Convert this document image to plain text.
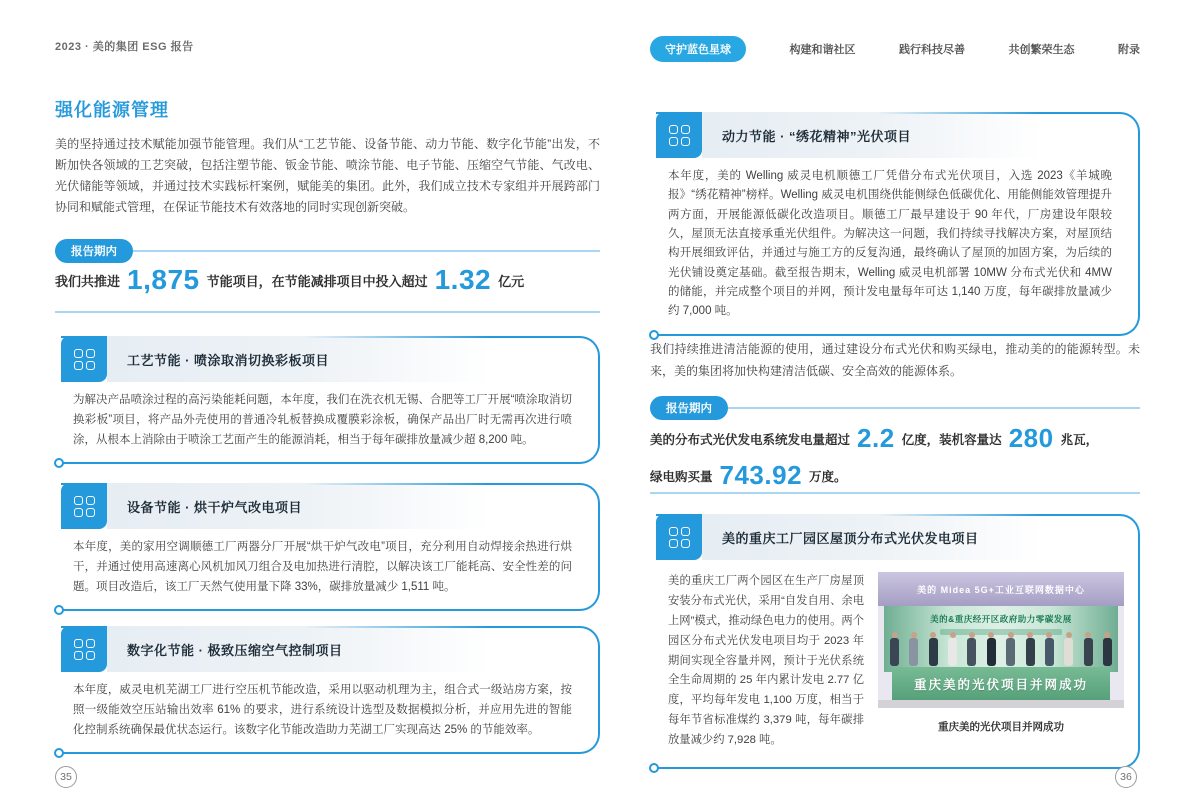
2023 · 美的集团 ESG 报告
强化能源管理
美的坚持通过技术赋能加强节能管理。我们从“工艺节能、设备节能、动力节能、数字化节能”出发，不断加快各领域的工艺突破，包括注塑节能、钣金节能、喷涂节能、电子节能、压缩空气节能、气改电、光伏储能等领域，并通过技术实践标杆案例，赋能美的集团。此外，我们成立技术专家组并开展跨部门协同和赋能式管理，在保证节能技术有效落地的同时实现创新突破。
报告期内
我们共推进 1,875 节能项目，在节能减排项目中投入超过 1.32 亿元
工艺节能 · 喷涂取消切换彩板项目
为解决产品喷涂过程的高污染能耗问题，本年度，我们在洗衣机无锡、合肥等工厂开展“喷涂取消切换彩板”项目，将产品外壳使用的普通冷轧板替换成覆膜彩涂板，确保产品出厂时无需再次进行喷涂，从根本上消除由于喷涂工艺面产生的能源消耗，相当于每年碳排放量减少超 8,200 吨。
设备节能 · 烘干炉气改电项目
本年度，美的家用空调顺德工厂两器分厂开展“烘干炉气改电”项目，充分利用自动焊接余热进行烘干，并通过使用高速离心风机加风刀组合及电加热进行清腔，以解决该工厂能耗高、安全性差的问题。项目改造后，该工厂天然气使用量下降 33%，碳排放量减少 1,511 吨。
数字化节能 · 极致压缩空气控制项目
本年度，威灵电机芜湖工厂进行空压机节能改造，采用以驱动机理为主，组合式一级站房方案，按照一级能效空压站输出效率 61% 的要求，进行系统设计选型及数据模拟分析，并应用先进的智能化控制系统确保最优状态运行。该数字化节能改造助力芜湖工厂实现高达 25% 的节能效率。
35
守护蓝色星球	构建和谐社区	践行科技尽善	共创繁荣生态	附录
动力节能 · “绣花精神”光伏项目
本年度，美的 Welling 威灵电机顺德工厂凭借分布式光伏项目，入选 2023《羊城晚报》“绣花精神”榜样。Welling 威灵电机围绕供能侧绿色低碳优化、用能侧能效管理提升两方面，开展能源低碳化改造项目。顺德工厂最早建设于 90 年代，厂房建设年限较久，屋顶无法直接承重光伏组件。为解决这一问题，我们持续寻找解决方案，对屋顶结构开展细致评估，并通过与施工方的反复沟通，最终确认了屋顶的加固方案，为后续的光伏铺设奠定基础。截至报告期末，Welling 威灵电机部署 10MW 分布式光伏和 4MW 的储能，并完成整个项目的并网，预计发电量每年可达 1,140 万度，每年碳排放量减少约 7,000 吨。
我们持续推进清洁能源的使用，通过建设分布式光伏和购买绿电，推动美的的能源转型。未来，美的集团将加快构建清洁低碳、安全高效的能源体系。
报告期内
美的分布式光伏发电系统发电量超过 2.2 亿度，装机容量达 280 兆瓦，
绿电购买量 743.92 万度。
美的重庆工厂园区屋顶分布式光伏发电项目
美的重庆工厂两个园区在生产厂房屋顶安装分布式光伏，采用“自发自用、余电上网”模式，推动绿色电力的使用。两个园区分布式光伏发电项目均于 2023 年期间实现全容量并网，预计于光伏系统全生命周期的 25 年内累计发电 2.77 亿度，平均每年发电 1,100 万度，相当于每年节省标准煤约 3,379 吨，每年碳排放量减少约 7,928 吨。
美的 Midea 5G+工业互联网数据中心
美的&重庆经开区政府助力零碳发展
重庆美的光伏项目并网成功
重庆美的光伏项目并网成功
36
